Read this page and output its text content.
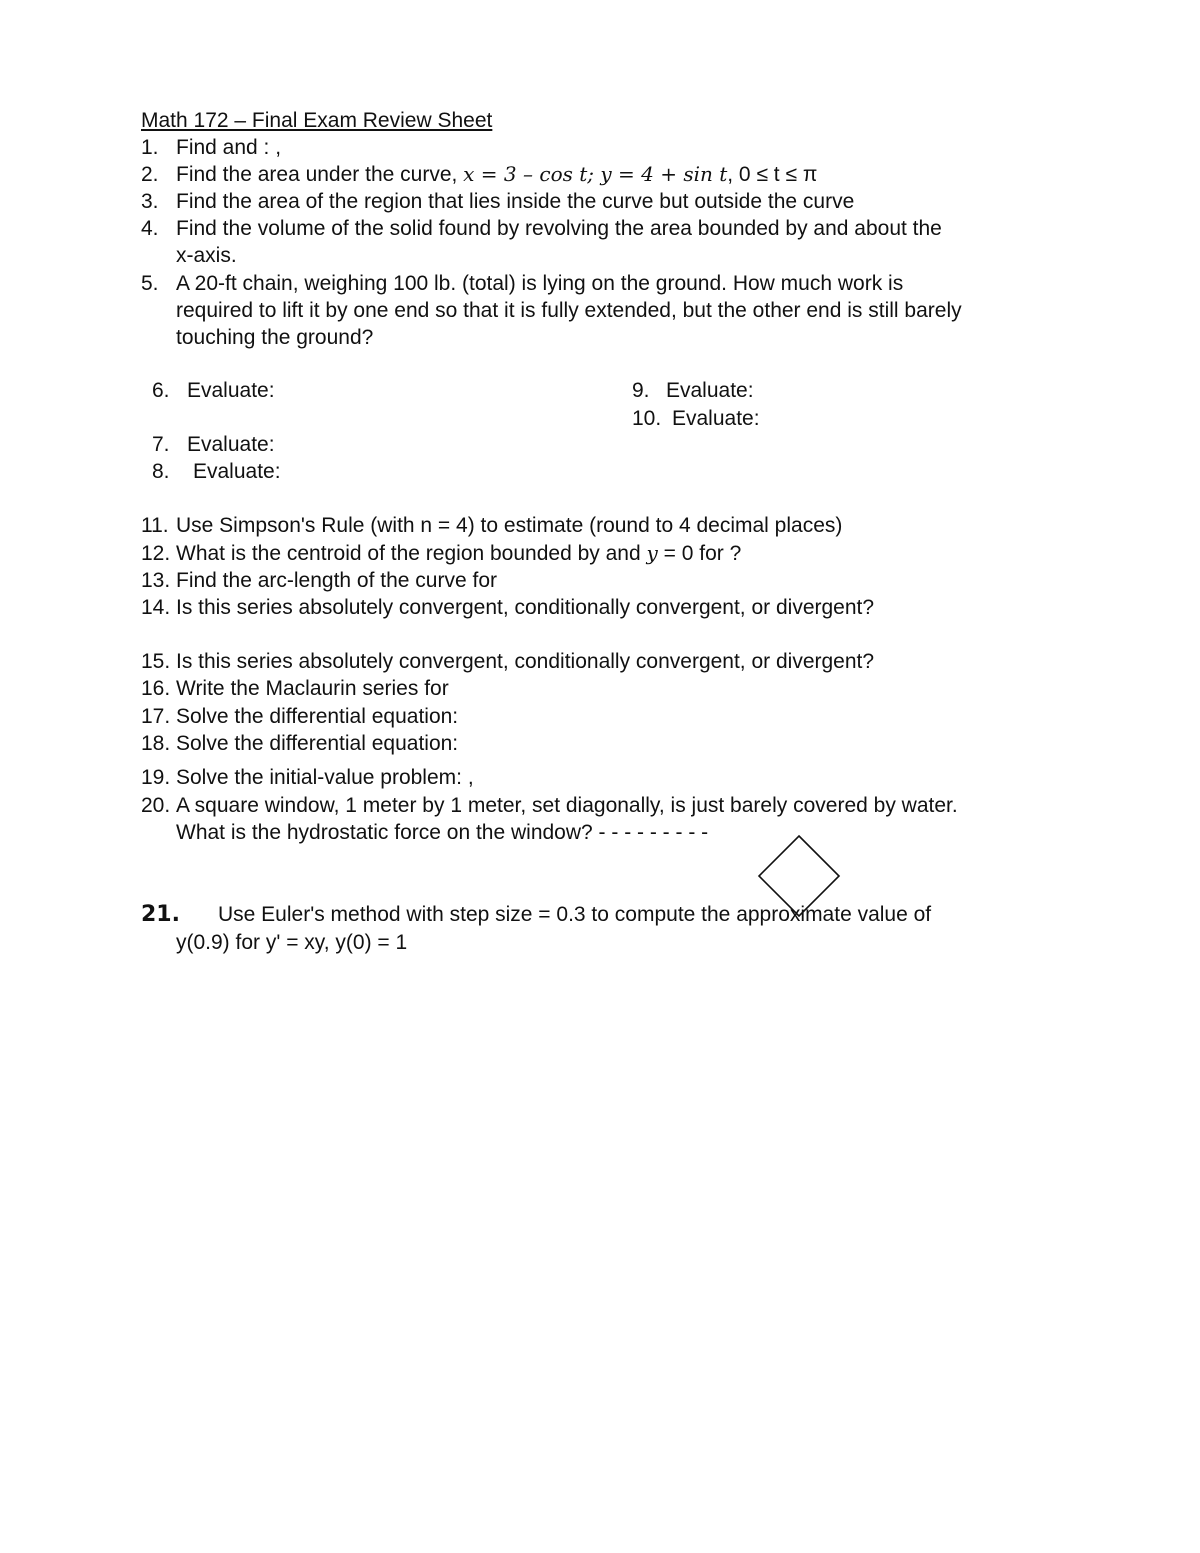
Math 172 – Final Exam Review Sheet
1. Find and : ,
2. Find the area under the curve, x = 3 – cos t; y = 4 + sin t, 0 ≤ t ≤ π
3. Find the area of the region that lies inside the curve but outside the curve
4. Find the volume of the solid found by revolving the area bounded by and about the
x-axis.
5. A 20-ft chain, weighing 100 lb. (total) is lying on the ground. How much work is
required to lift it by one end so that it is fully extended, but the other end is still barely
touching the ground?
6. Evaluate:	9. Evaluate:
10. Evaluate:
7. Evaluate:
8. Evaluate:
11. Use Simpson's Rule (with n = 4) to estimate (round to 4 decimal places)
12. What is the centroid of the region bounded by and y = 0 for ?
13. Find the arc-length of the curve for
14. Is this series absolutely convergent, conditionally convergent, or divergent?
15. Is this series absolutely convergent, conditionally convergent, or divergent?
16. Write the Maclaurin series for
17. Solve the differential equation:
18. Solve the differential equation:
19. Solve the initial-value problem: ,
20. A square window, 1 meter by 1 meter, set diagonally, is just barely covered by water.
What is the hydrostatic force on the window? - - - - - - - - -
21. Use Euler's method with step size = 0.3 to compute the approximate value of
y(0.9) for y' = xy, y(0) = 1
